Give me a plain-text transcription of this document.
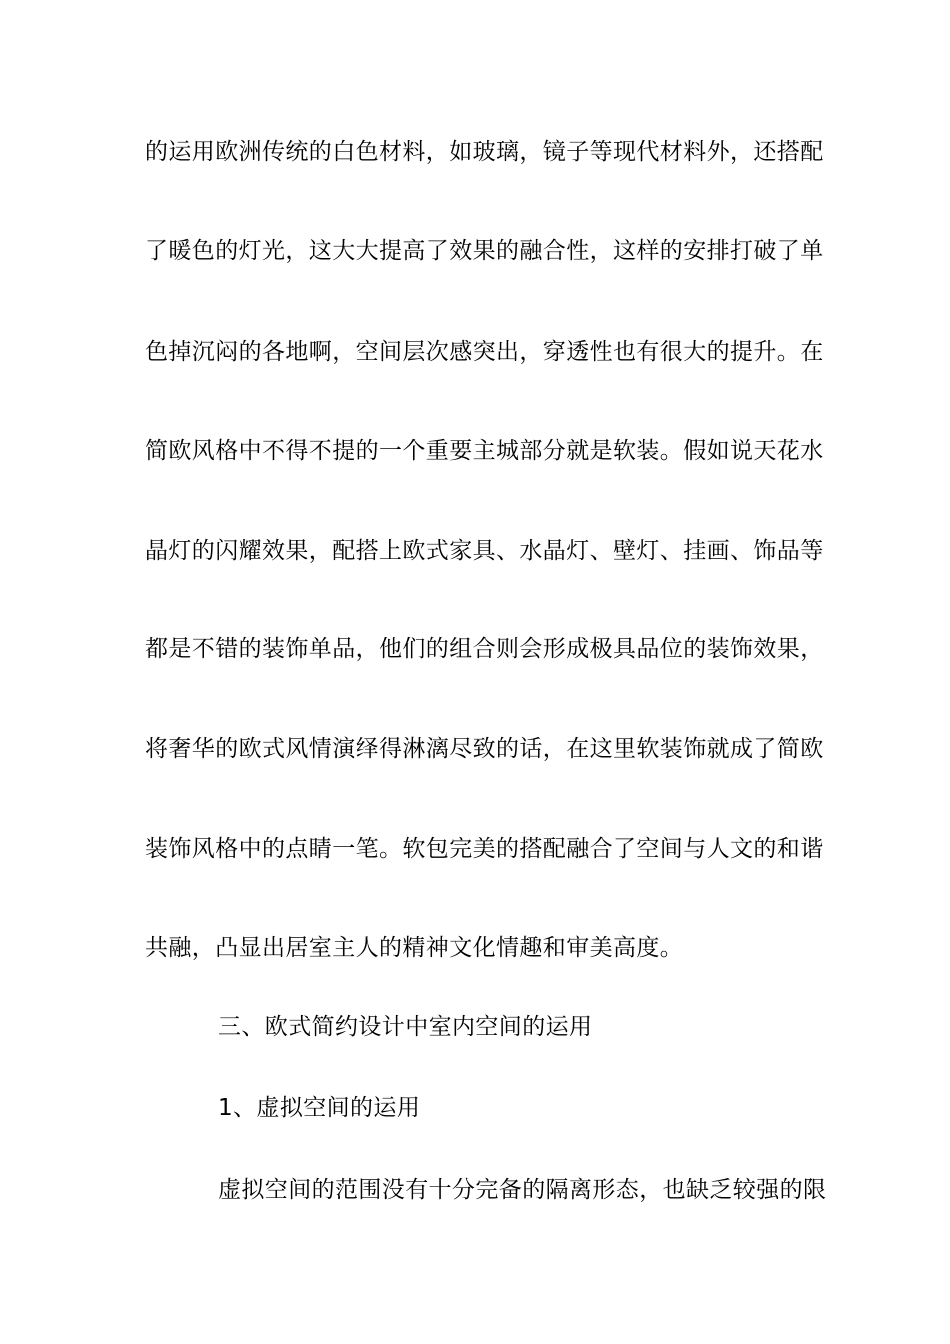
的运用欧洲传统的白色材料，如玻璃，镜子等现代材料外，还搭配
了暖色的灯光，这大大提高了效果的融合性，这样的安排打破了单
色掉沉闷的各地啊，空间层次感突出，穿透性也有很大的提升。在
简欧风格中不得不提的一个重要主城部分就是软装。假如说天花水
晶灯的闪耀效果，配搭上欧式家具、水晶灯、壁灯、挂画、饰品等
都是不错的装饰单品，他们的组合则会形成极具品位的装饰效果，
将奢华的欧式风情演绎得淋漓尽致的话，在这里软装饰就成了简欧
装饰风格中的点睛一笔。软包完美的搭配融合了空间与人文的和谐
共融，凸显出居室主人的精神文化情趣和审美高度。
三、欧式简约设计中室内空间的运用
1、虚拟空间的运用
虚拟空间的范围没有十分完备的隔离形态，也缺乏较强的限
